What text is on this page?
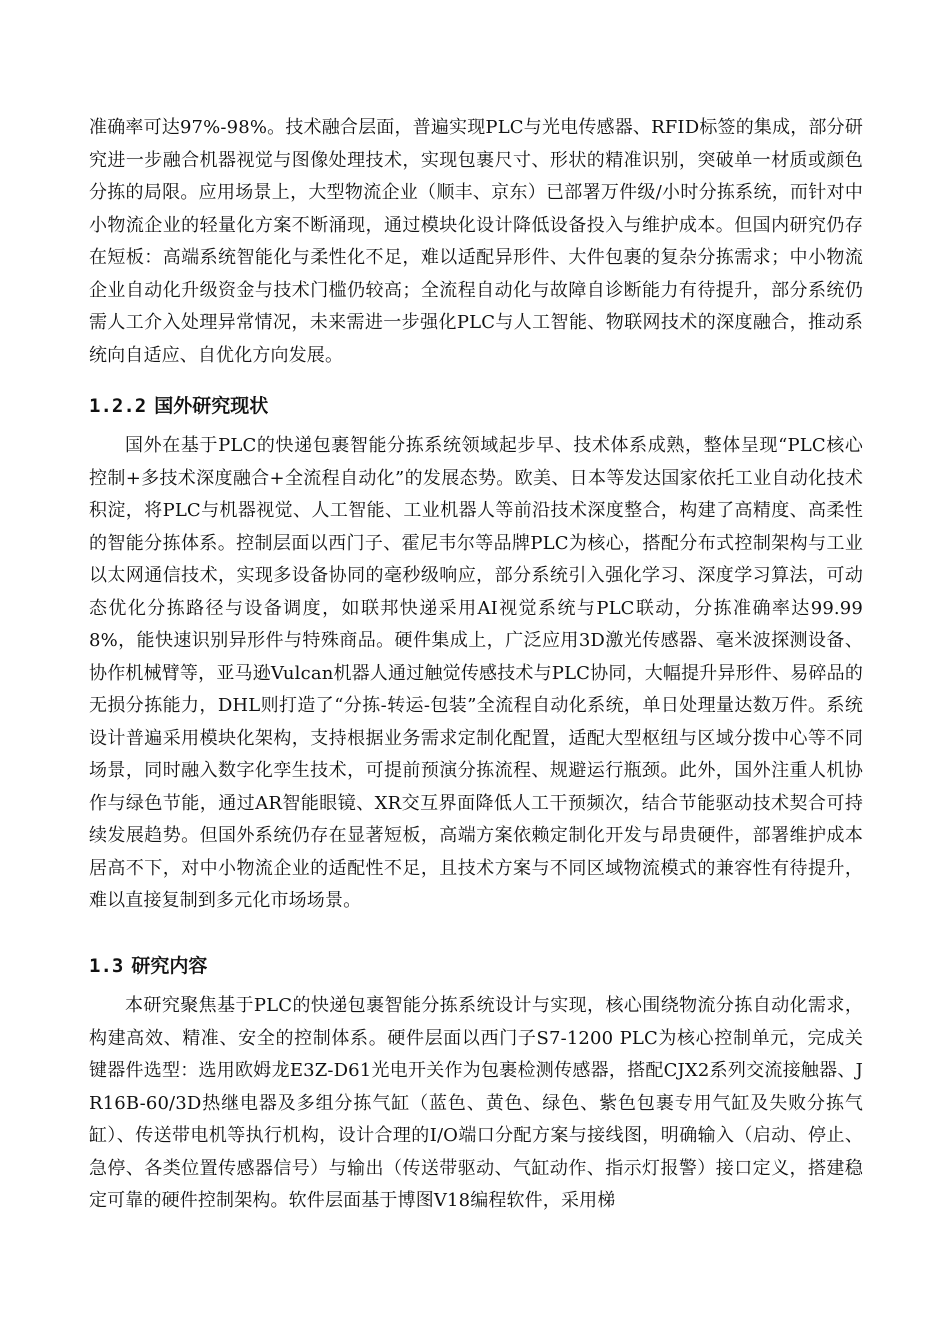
准确率可达97%-98%。技术融合层面，普遍实现PLC与光电传感器、RFID标签的集成，部分研究进一步融合机器视觉与图像处理技术，实现包裹尺寸、形状的精准识别，突破单一材质或颜色分拣的局限。应用场景上，大型物流企业（顺丰、京东）已部署万件级/小时分拣系统，而针对中小物流企业的轻量化方案不断涌现，通过模块化设计降低设备投入与维护成本。但国内研究仍存在短板：高端系统智能化与柔性化不足，难以适配异形件、大件包裹的复杂分拣需求；中小物流企业自动化升级资金与技术门槛仍较高；全流程自动化与故障自诊断能力有待提升，部分系统仍需人工介入处理异常情况，未来需进一步强化PLC与人工智能、物联网技术的深度融合，推动系统向自适应、自优化方向发展。

1.2.2 国外研究现状

国外在基于PLC的快递包裹智能分拣系统领域起步早、技术体系成熟，整体呈现“PLC核心控制+多技术深度融合+全流程自动化”的发展态势。欧美、日本等发达国家依托工业自动化技术积淀，将PLC与机器视觉、人工智能、工业机器人等前沿技术深度整合，构建了高精度、高柔性的智能分拣体系。控制层面以西门子、霍尼韦尔等品牌PLC为核心，搭配分布式控制架构与工业以太网通信技术，实现多设备协同的毫秒级响应，部分系统引入强化学习、深度学习算法，可动态优化分拣路径与设备调度，如联邦快递采用AI视觉系统与PLC联动，分拣准确率达99.998%，能快速识别异形件与特殊商品。硬件集成上，广泛应用3D激光传感器、毫米波探测设备、协作机械臂等，亚马逊Vulcan机器人通过触觉传感技术与PLC协同，大幅提升异形件、易碎品的无损分拣能力，DHL则打造了“分拣-转运-包装”全流程自动化系统，单日处理量达数万件。系统设计普遍采用模块化架构，支持根据业务需求定制化配置，适配大型枢纽与区域分拨中心等不同场景，同时融入数字化孪生技术，可提前预演分拣流程、规避运行瓶颈。此外，国外注重人机协作与绿色节能，通过AR智能眼镜、XR交互界面降低人工干预频次，结合节能驱动技术契合可持续发展趋势。但国外系统仍存在显著短板，高端方案依赖定制化开发与昂贵硬件，部署维护成本居高不下，对中小物流企业的适配性不足，且技术方案与不同区域物流模式的兼容性有待提升，难以直接复制到多元化市场场景。

1.3 研究内容

本研究聚焦基于PLC的快递包裹智能分拣系统设计与实现，核心围绕物流分拣自动化需求，构建高效、精准、安全的控制体系。硬件层面以西门子S7-1200 PLC为核心控制单元，完成关键器件选型：选用欧姆龙E3Z-D61光电开关作为包裹检测传感器，搭配CJX2系列交流接触器、JR16B-60/3D热继电器及多组分拣气缸（蓝色、黄色、绿色、紫色包裹专用气缸及失败分拣气缸）、传送带电机等执行机构，设计合理的I/O端口分配方案与接线图，明确输入（启动、停止、急停、各类位置传感器信号）与输出（传送带驱动、气缸动作、指示灯报警）接口定义，搭建稳定可靠的硬件控制架构。软件层面基于博图V18编程软件，采用梯
